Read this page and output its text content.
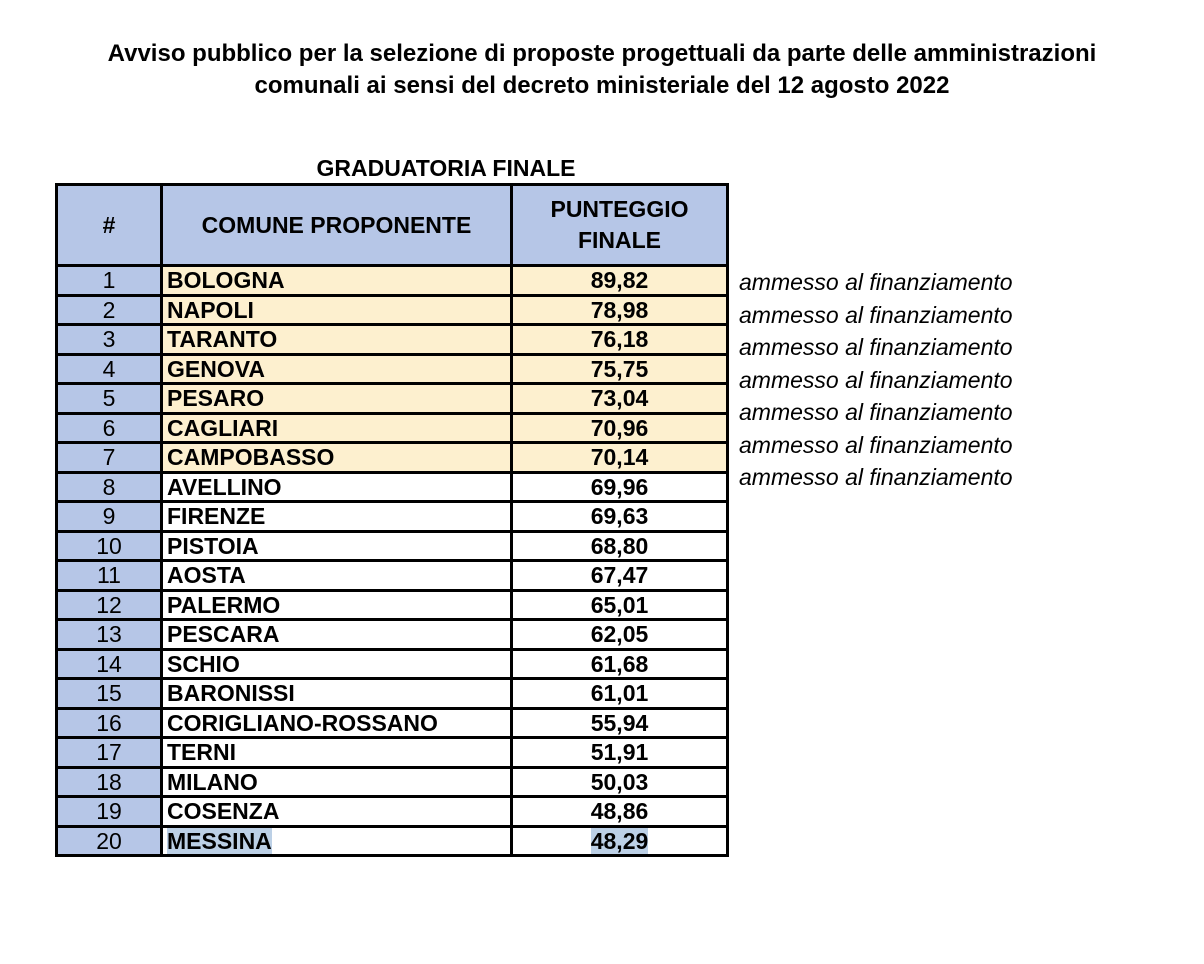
Avviso pubblico per la selezione di proposte progettuali da parte delle amministrazioni
comunali ai sensi del decreto ministeriale del 12 agosto 2022
GRADUATORIA FINALE
#	COMUNE PROPONENTE	PUNTEGGIO
FINALE

1	BOLOGNA	89,82
2	NAPOLI	78,98
3	TARANTO	76,18
4	GENOVA	75,75
5	PESARO	73,04
6	CAGLIARI	70,96
7	CAMPOBASSO	70,14
8	AVELLINO	69,96
9	FIRENZE	69,63
10	PISTOIA	68,80
11	AOSTA	67,47
12	PALERMO	65,01
13	PESCARA	62,05
14	SCHIO	61,68
15	BARONISSI	61,01
16	CORIGLIANO-ROSSANO	55,94
17	TERNI	51,91
18	MILANO	50,03
19	COSENZA	48,86
20	MESSINA	48,29
ammesso al finanziamento
ammesso al finanziamento
ammesso al finanziamento
ammesso al finanziamento
ammesso al finanziamento
ammesso al finanziamento
ammesso al finanziamento
